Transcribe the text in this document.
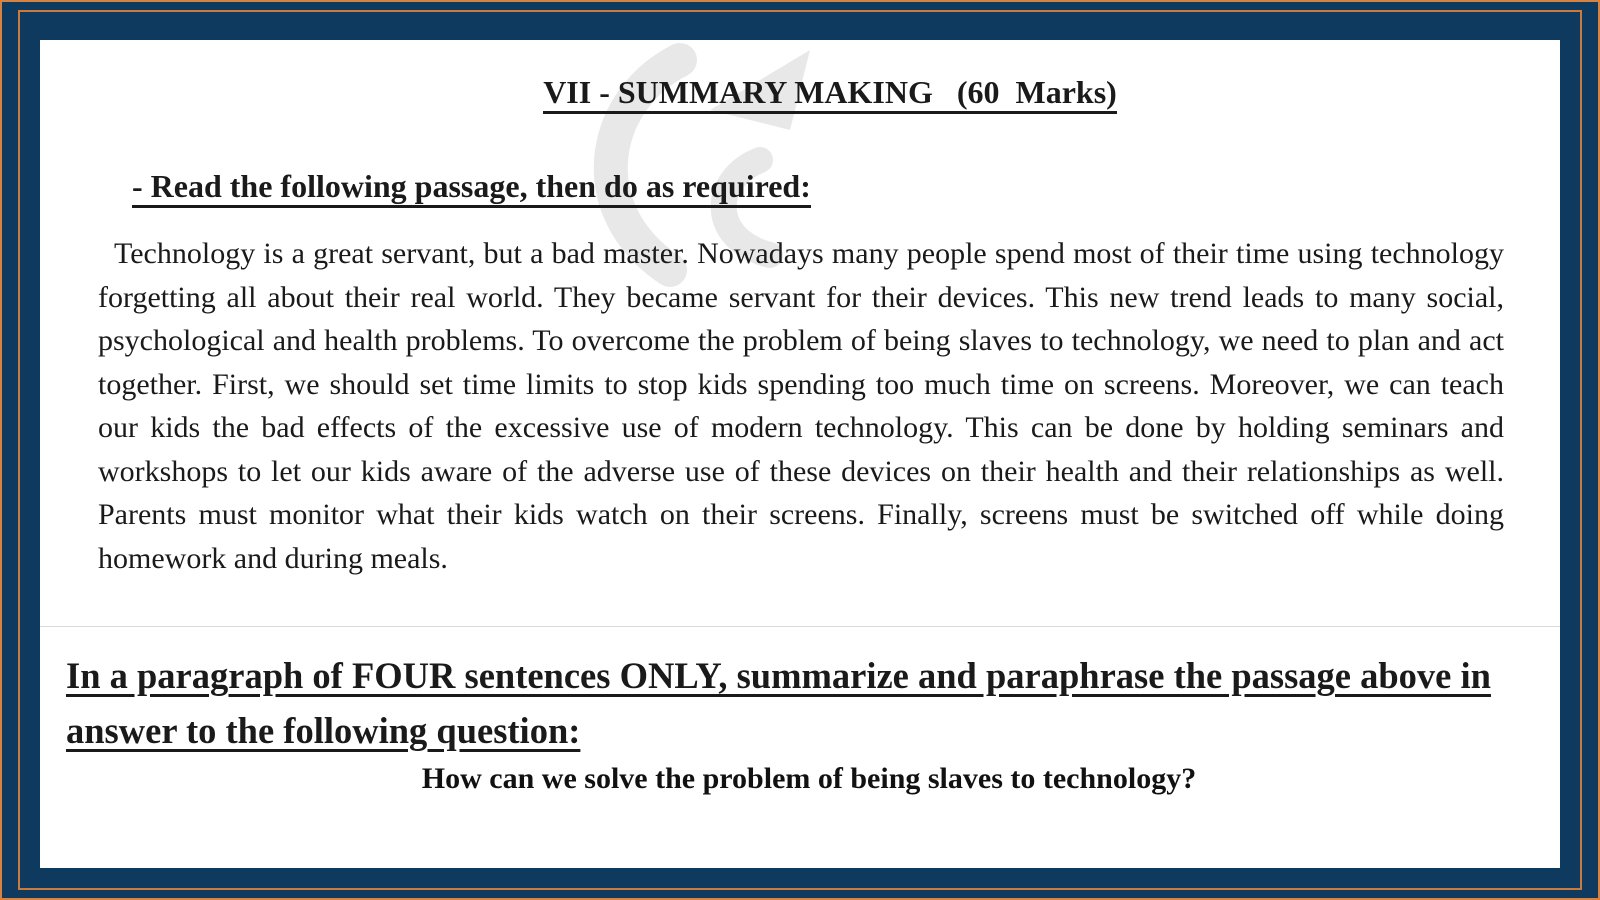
VII - SUMMARY MAKING   (60  Marks)
- Read the following passage, then do as required:

Technology is a great servant, but a bad master. Nowadays many people spend most of their time using technology forgetting all about their real world. They became servant for their devices. This new trend leads to many social, psychological and health problems. To overcome the problem of being slaves to technology, we need to plan and act together. First, we should set time limits to stop kids spending too much time on screens. Moreover, we can teach our kids the bad effects of the excessive use of modern technology. This can be done by holding seminars and workshops to let our kids aware of the adverse use of these devices on their health and their relationships as well. Parents must monitor what their kids watch on their screens. Finally, screens must be switched off while doing homework and during meals.

In a paragraph of FOUR sentences ONLY, summarize and paraphrase the passage above in answer to the following question:

How can we solve the problem of being slaves to technology?
